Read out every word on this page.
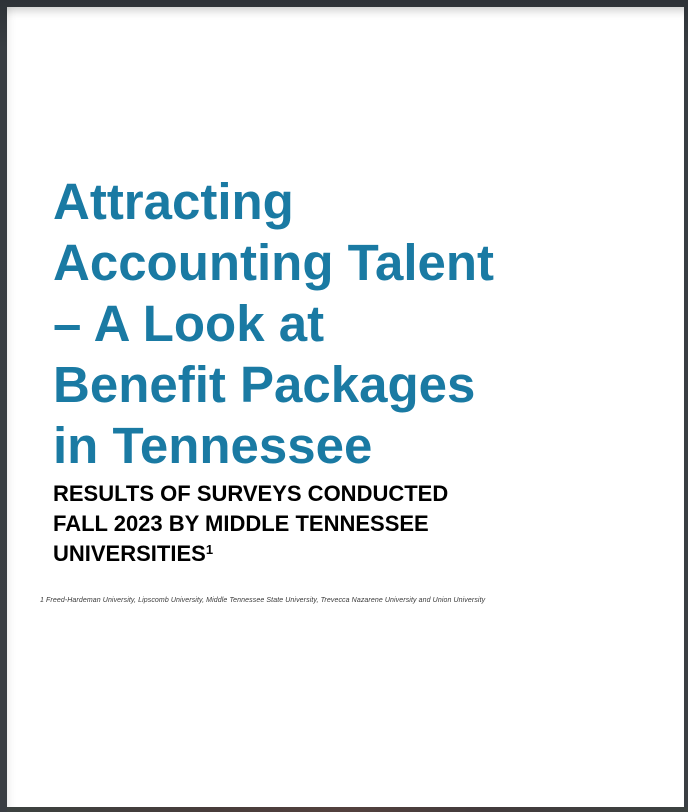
Attracting
Accounting Talent
– A Look at
Benefit Packages
in Tennessee
RESULTS OF SURVEYS CONDUCTED
FALL 2023 BY MIDDLE TENNESSEE
UNIVERSITIES$^1$
1 Freed-Hardeman University, Lipscomb University, Middle Tennessee State University, Trevecca Nazarene University and Union University
